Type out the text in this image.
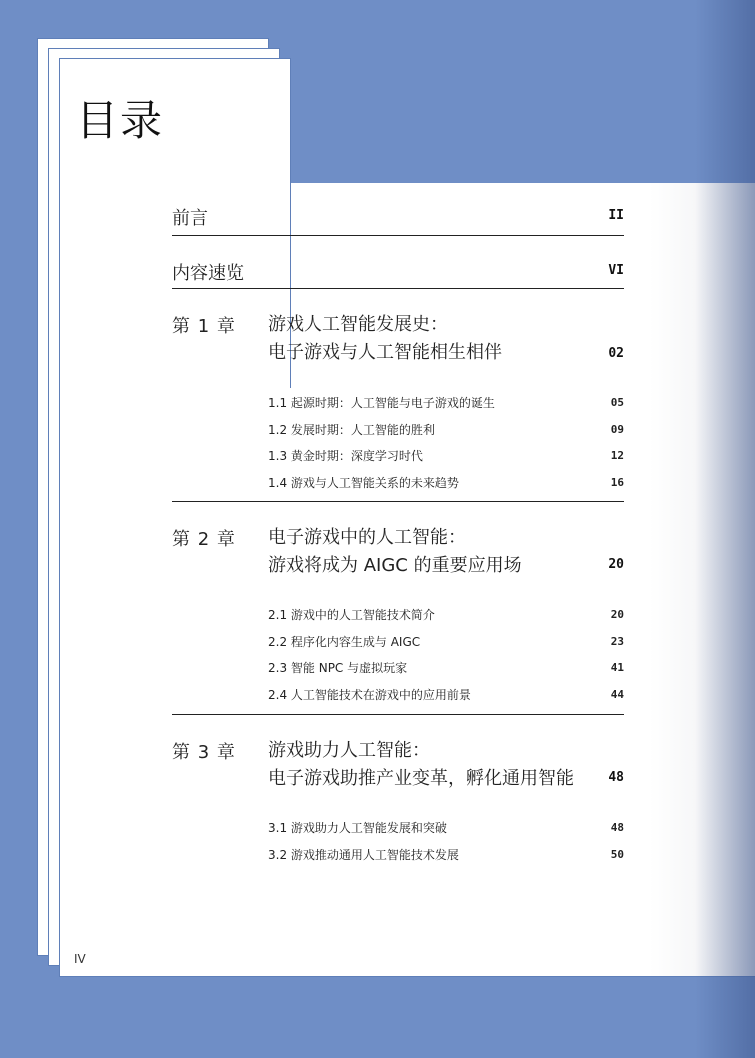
目录
前言	II
内容速览	VI
第 1 章 游戏人工智能发展史：
电子游戏与人工智能相生相伴	02
1.1 起源时期：人工智能与电子游戏的诞生	05
1.2 发展时期：人工智能的胜利	09
1.3 黄金时期：深度学习时代	12
1.4 游戏与人工智能关系的未来趋势	16
第 2 章 电子游戏中的人工智能：
游戏将成为 AIGC 的重要应用场	20
2.1 游戏中的人工智能技术简介	20
2.2 程序化内容生成与 AIGC	23
2.3 智能 NPC 与虚拟玩家	41
2.4 人工智能技术在游戏中的应用前景	44
第 3 章 游戏助力人工智能：
电子游戏助推产业变革，孵化通用智能	48
3.1 游戏助力人工智能发展和突破	48
3.2 游戏推动通用人工智能技术发展	50
IV
